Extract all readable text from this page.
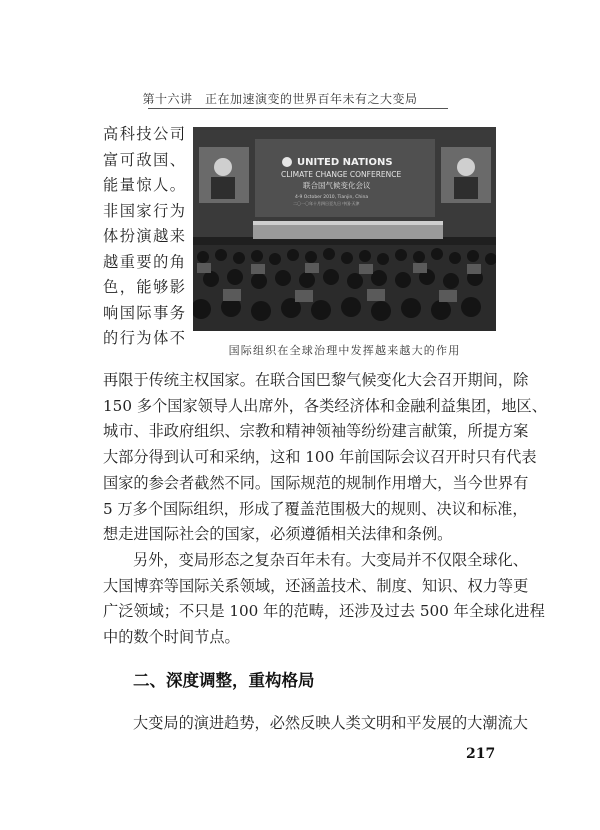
第十六讲　正在加速演变的世界百年未有之大变局
高科技公司
富可敌国、
能量惊人。
非国家行为
体扮演越来
越重要的角
色，能够影
响国际事务
的行为体不
UNITED NATIONS
CLIMATE CHANGE CONFERENCE
联合国气候变化会议
4-9 October 2010, Tianjin, China
二〇一〇年十月四日至九日 中国·天津
国际组织在全球治理中发挥越来越大的作用
再限于传统主权国家。在联合国巴黎气候变化大会召开期间，除
150 多个国家领导人出席外，各类经济体和金融利益集团，地区、
城市、非政府组织、宗教和精神领袖等纷纷建言献策，所提方案
大部分得到认可和采纳，这和 100 年前国际会议召开时只有代表
国家的参会者截然不同。国际规范的规制作用增大，当今世界有
5 万多个国际组织，形成了覆盖范围极大的规则、决议和标准，
想走进国际社会的国家，必须遵循相关法律和条例。
另外，变局形态之复杂百年未有。大变局并不仅限全球化、
大国博弈等国际关系领域，还涵盖技术、制度、知识、权力等更
广泛领域；不只是 100 年的范畴，还涉及过去 500 年全球化进程
中的数个时间节点。
二、深度调整，重构格局
大变局的演进趋势，必然反映人类文明和平发展的大潮流大
217
